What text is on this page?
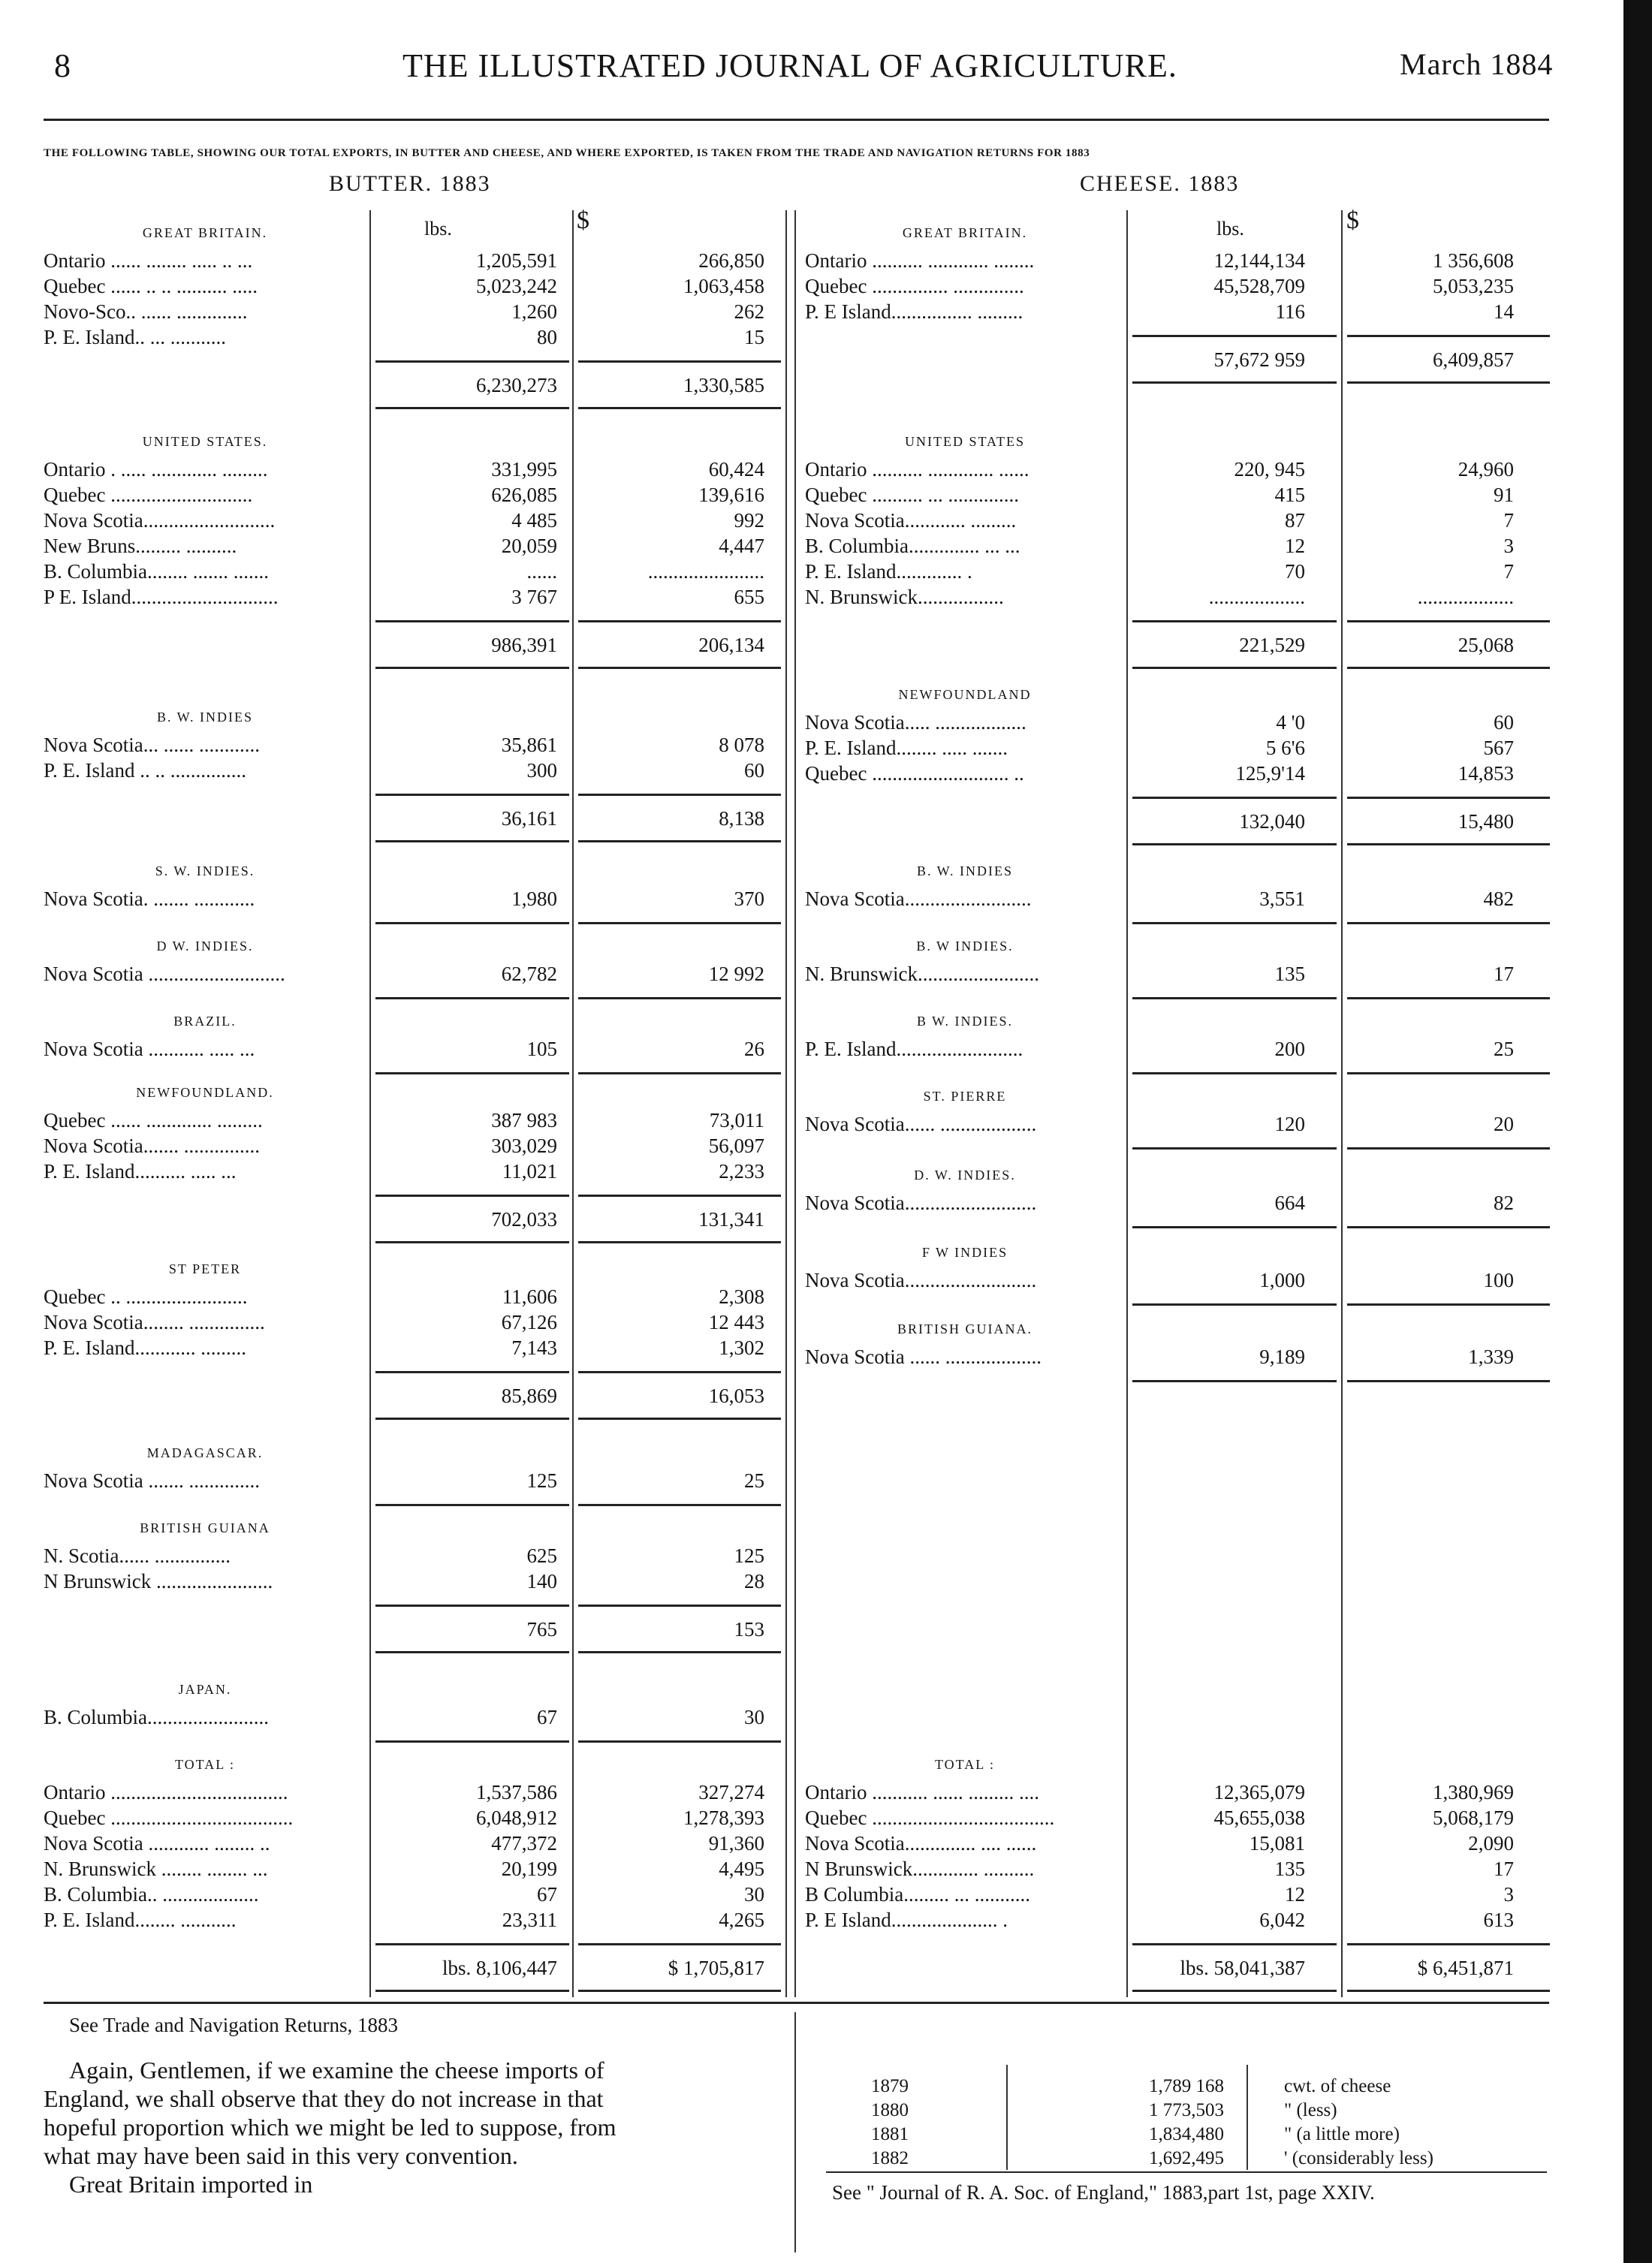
8	THE ILLUSTRATED JOURNAL OF AGRICULTURE.	March 1884
THE FOLLOWING TABLE, SHOWING OUR TOTAL EXPORTS, IN BUTTER AND CHEESE, AND WHERE EXPORTED, IS TAKEN FROM THE TRADE AND NAVIGATION RETURNS FOR 1883
BUTTER. 1883	CHEESE. 1883
lbs.	$
GREAT BRITAIN.
Ontario ...... ........ ..... .. ...	1,205,591	266,850
Quebec ...... .. .. .......... .....	5,023,242	1,063,458
Novo-Sco.. ...... ..............	1,260	262
P. E. Island.. ... ...........	80	15
6,230,273	1,330,585
UNITED STATES.
Ontario . ..... ............. .........	331,995	60,424
Quebec ............................	626,085	139,616
Nova Scotia..........................	4 485	992
New Bruns......... ..........	20,059	4,447
B. Columbia........ ....... .......	......	.......................
P E. Island.............................	3 767	655
986,391	206,134
B. W. INDIES
Nova Scotia... ...... ............	35,861	8 078
P. E. Island .. .. ...............	300	60
36,161	8,138
S. W. INDIES.
Nova Scotia. ....... ............	1,980	370
D W. INDIES.
Nova Scotia ...........................	62,782	12 992
BRAZIL.
Nova Scotia ........... ..... ...	105	26
NEWFOUNDLAND.
Quebec ...... ............. .........	387 983	73,011
Nova Scotia....... ...............	303,029	56,097
P. E. Island.......... ..... ...	11,021	2,233
702,033	131,341
ST PETER
Quebec .. ........................	11,606	2,308
Nova Scotia........ ...............	67,126	12 443
P. E. Island............ .........	7,143	1,302
85,869	16,053
MADAGASCAR.
Nova Scotia ....... ..............	125	25
BRITISH GUIANA
N. Scotia...... ...............	625	125
N Brunswick .......................	140	28
765	153
JAPAN.
B. Columbia........................	67	30
TOTAL :
Ontario ...................................	1,537,586	327,274
Quebec ....................................	6,048,912	1,278,393
Nova Scotia ............ ........ ..	477,372	91,360
N. Brunswick ........ ........ ...	20,199	4,495
B. Columbia.. ...................	67	30
P. E. Island........ ...........	23,311	4,265
lbs. 8,106,447	$ 1,705,817
lbs.	$
GREAT BRITAIN.
Ontario .......... ............ ........	12,144,134	1 356,608
Quebec ............... ..............	45,528,709	5,053,235
P. E Island................ .........	116	14
57,672 959	6,409,857
UNITED STATES
Ontario .......... ............. ......	220, 945	24,960
Quebec .......... ... ..............	415	91
Nova Scotia............ .........	87	7
B. Columbia.............. ... ...	12	3
P. E. Island............. .	70	7
N. Brunswick.................	...................	...................
221,529	25,068
NEWFOUNDLAND
Nova Scotia..... ..................	4 '0	60
P. E. Island........ ..... .......	5 6'6	567
Quebec ........................... ..	125,9'14	14,853
132,040	15,480
B. W. INDIES
Nova Scotia.........................	3,551	482
B. W INDIES.
N. Brunswick........................	135	17
B W. INDIES.
P. E. Island.........................	200	25
ST. PIERRE
Nova Scotia...... ...................	120	20
D. W. INDIES.
Nova Scotia..........................	664	82
F W INDIES
Nova Scotia..........................	1,000	100
BRITISH GUIANA.
Nova Scotia ...... ...................	9,189	1,339
TOTAL :
Ontario ........... ...... ......... ....	12,365,079	1,380,969
Quebec ....................................	45,655,038	5,068,179
Nova Scotia.............. .... ......	15,081	2,090
N Brunswick............. ..........	135	17
B Columbia......... ... ...........	12	3
P. E Island..................... .	6,042	613
lbs. 58,041,387	$ 6,451,871
See Trade and Navigation Returns, 1883
Again, Gentlemen, if we examine the cheese imports of
England, we shall observe that they do not increase in that
hopeful proportion which we might be led to suppose, from
what may have been said in this very convention.
Great Britain imported in
1879	1,789 168	cwt. of cheese
1880	1 773,503	" (less)
1881	1,834,480	" (a little more)
1882	1,692,495	' (considerably less)
See " Journal of R. A. Soc. of England," 1883,part 1st, page XXIV.
